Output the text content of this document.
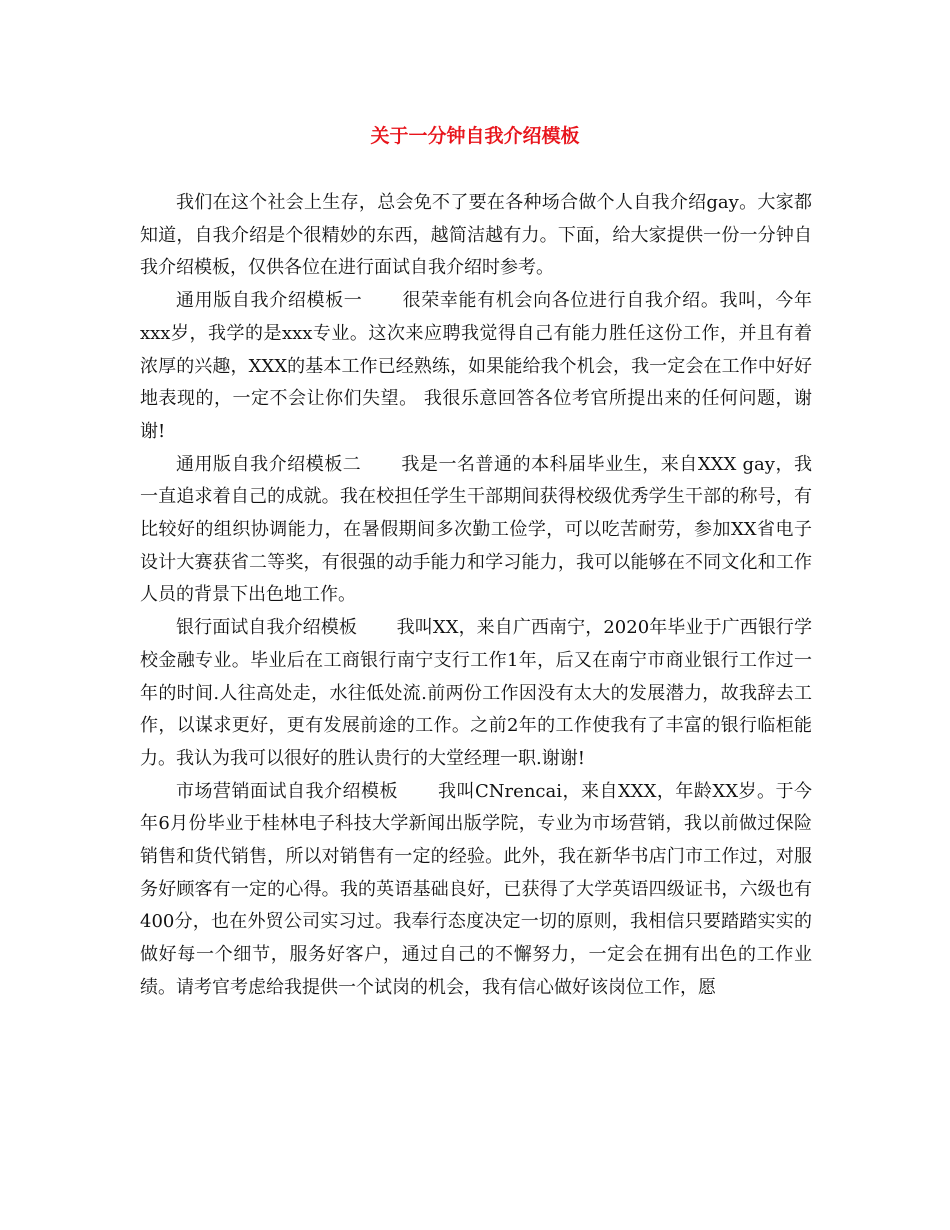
关于一分钟自我介绍模板

我们在这个社会上生存，总会免不了要在各种场合做个人自我介绍gay。大家都知道，自我介绍是个很精妙的东西，越简洁越有力。下面，给大家提供一份一分钟自我介绍模板，仅供各位在进行面试自我介绍时参考。

通用版自我介绍模板一 很荣幸能有机会向各位进行自我介绍。我叫，今年xxx岁，我学的是xxx专业。这次来应聘我觉得自己有能力胜任这份工作，并且有着浓厚的兴趣，XXX的基本工作已经熟练，如果能给我个机会，我一定会在工作中好好地表现的，一定不会让你们失望。 我很乐意回答各位考官所提出来的任何问题，谢谢!

通用版自我介绍模板二 我是一名普通的本科届毕业生，来自XXX gay，我一直追求着自己的成就。我在校担任学生干部期间获得校级优秀学生干部的称号，有比较好的组织协调能力，在暑假期间多次勤工俭学，可以吃苦耐劳，参加XX省电子设计大赛获省二等奖，有很强的动手能力和学习能力，我可以能够在不同文化和工作人员的背景下出色地工作。

银行面试自我介绍模板 我叫XX，来自广西南宁，2020年毕业于广西银行学校金融专业。毕业后在工商银行南宁支行工作1年，后又在南宁市商业银行工作过一年的时间.人往高处走，水往低处流.前两份工作因没有太大的发展潜力，故我辞去工作，以谋求更好，更有发展前途的工作。之前2年的工作使我有了丰富的银行临柜能力。我认为我可以很好的胜认贵行的大堂经理一职.谢谢!

市场营销面试自我介绍模板 我叫CNrencai，来自XXX，年龄XX岁。于今年6月份毕业于桂林电子科技大学新闻出版学院，专业为市场营销，我以前做过保险销售和货代销售，所以对销售有一定的经验。此外，我在新华书店门市工作过，对服务好顾客有一定的心得。我的英语基础良好，已获得了大学英语四级证书，六级也有400分，也在外贸公司实习过。我奉行态度决定一切的原则，我相信只要踏踏实实的做好每一个细节，服务好客户，通过自己的不懈努力，一定会在拥有出色的工作业绩。请考官考虑给我提供一个试岗的机会，我有信心做好该岗位工作，愿
